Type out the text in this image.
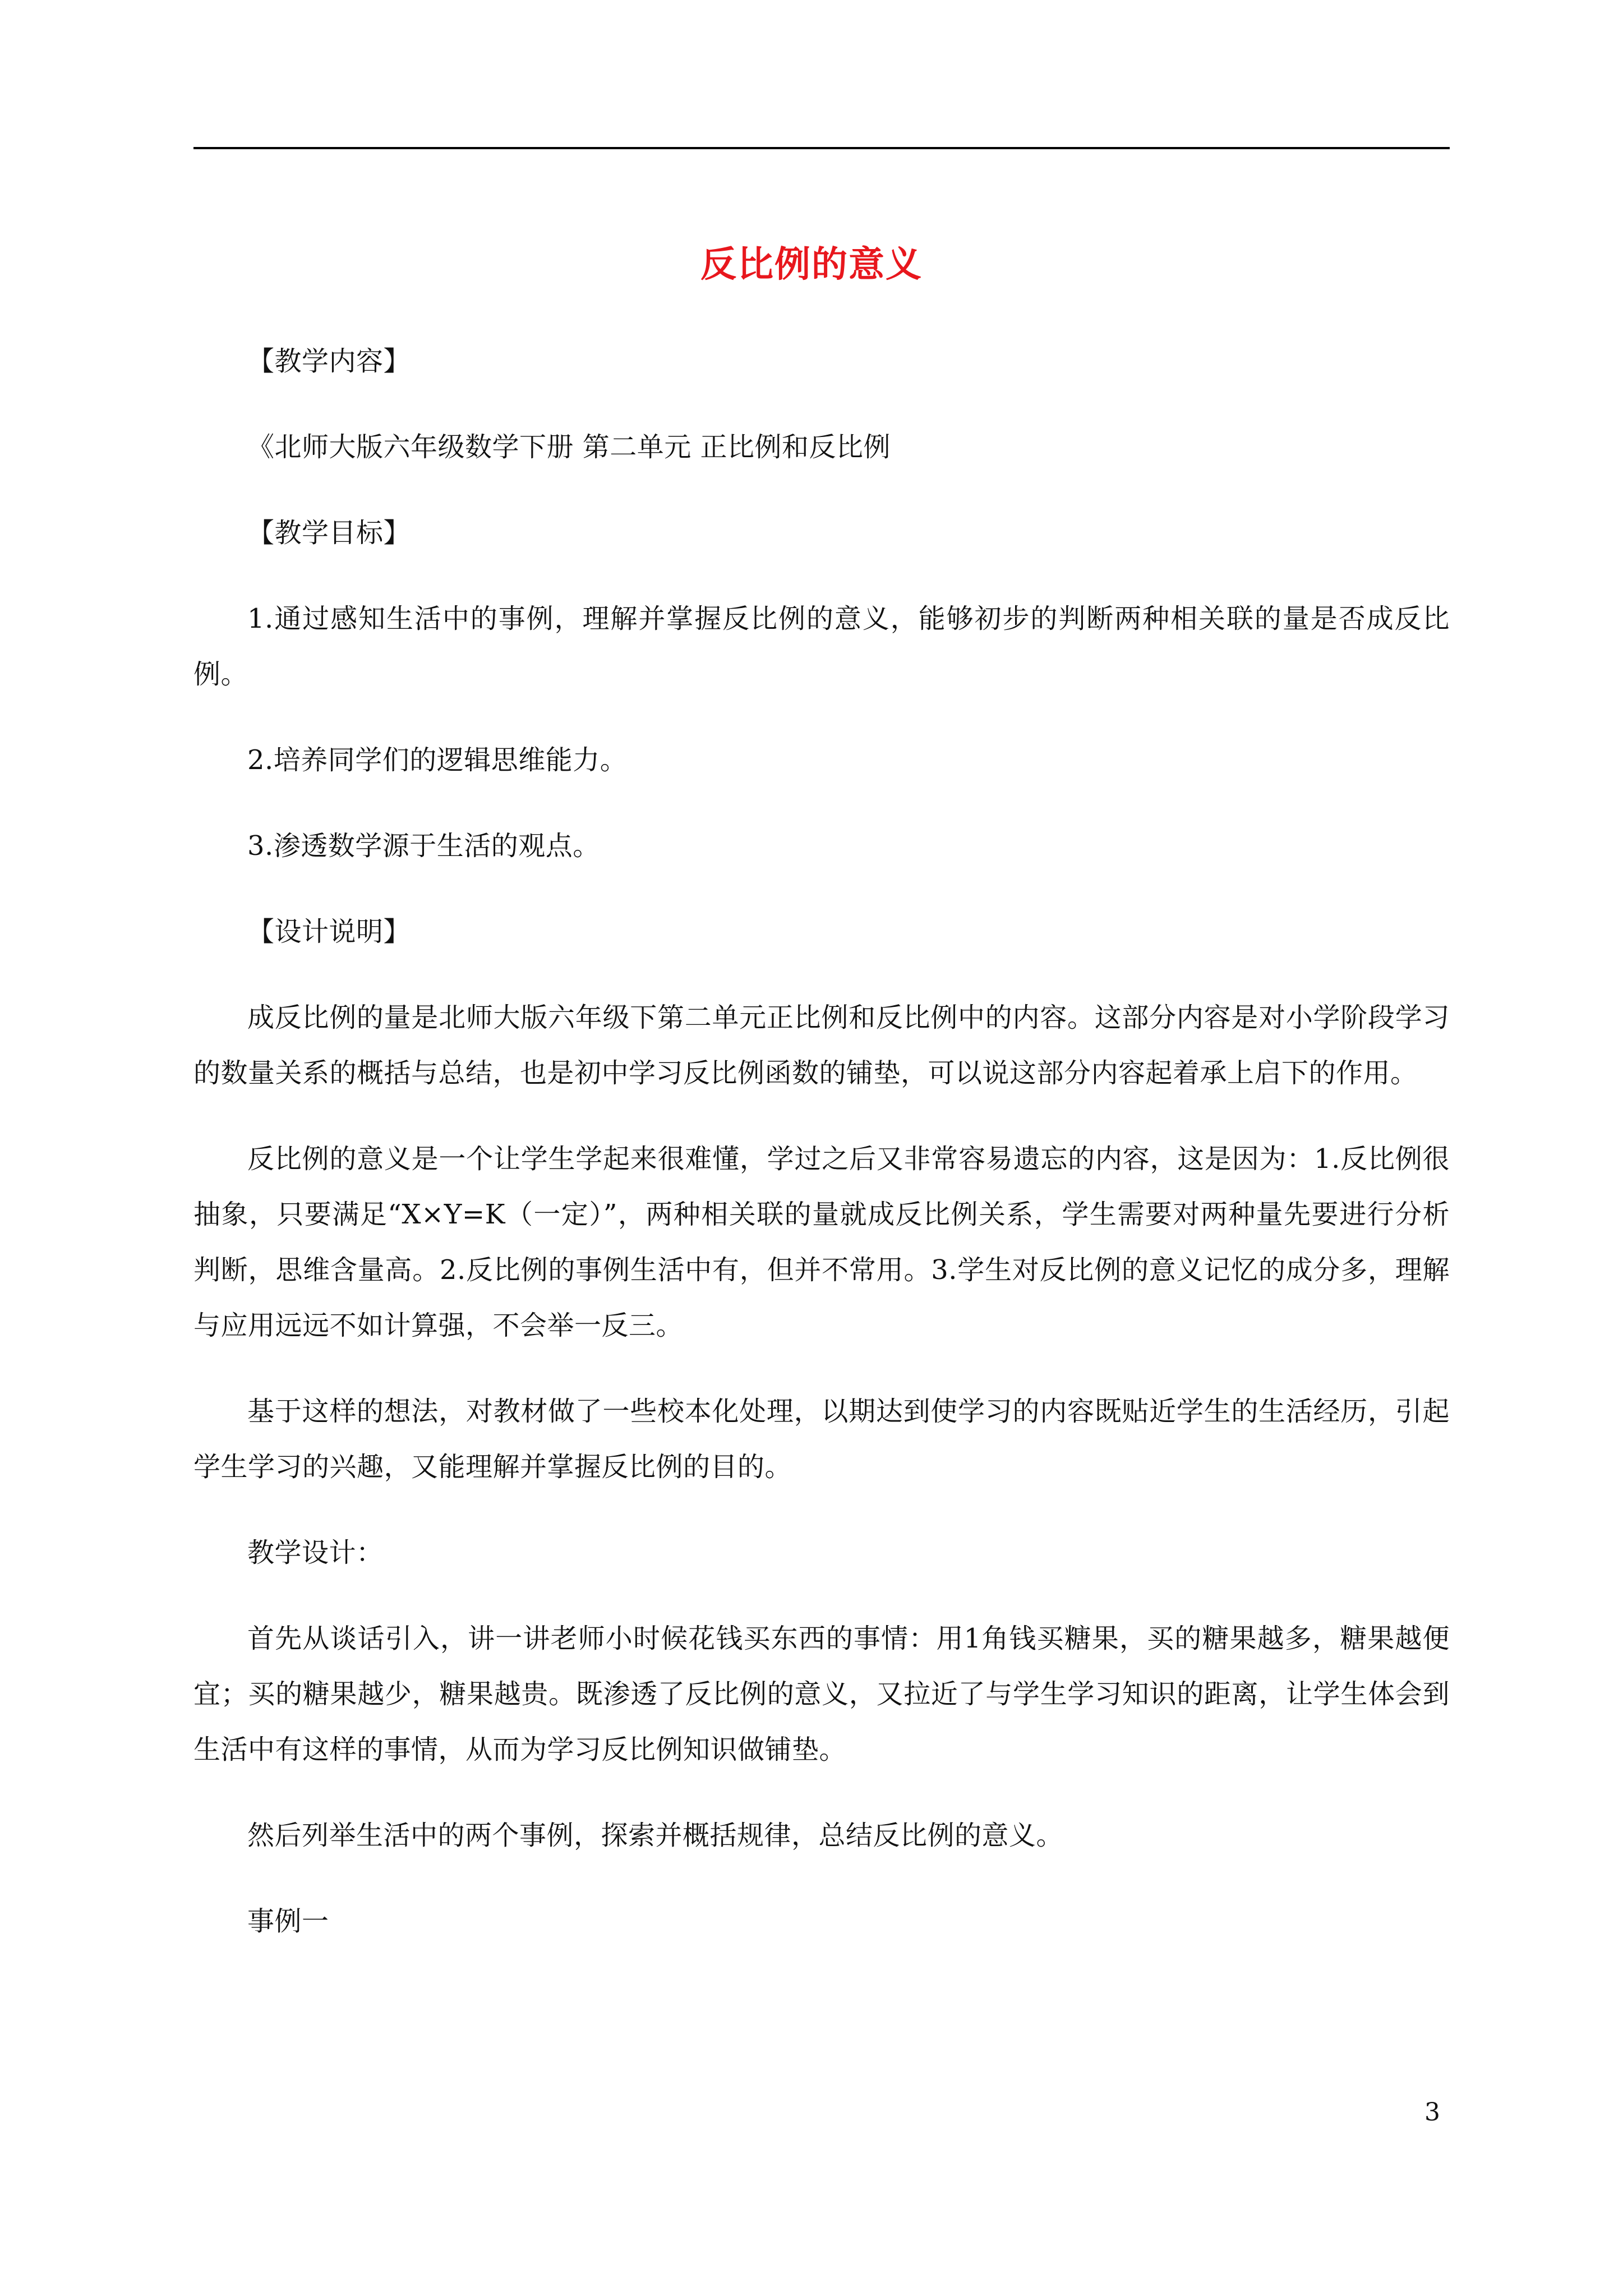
反比例的意义

【教学内容】

《北师大版六年级数学下册 第二单元 正比例和反比例

【教学目标】

1.通过感知生活中的事例，理解并掌握反比例的意义，能够初步的判断两种相关联的量是否成反比例。

2.培养同学们的逻辑思维能力。

3.渗透数学源于生活的观点。

【设计说明】

成反比例的量是北师大版六年级下第二单元正比例和反比例中的内容。这部分内容是对小学阶段学习的数量关系的概括与总结，也是初中学习反比例函数的铺垫，可以说这部分内容起着承上启下的作用。

反比例的意义是一个让学生学起来很难懂，学过之后又非常容易遗忘的内容，这是因为：1.反比例很抽象，只要满足“X×Y=K（一定）”，两种相关联的量就成反比例关系，学生需要对两种量先要进行分析判断，思维含量高。2.反比例的事例生活中有，但并不常用。3.学生对反比例的意义记忆的成分多，理解与应用远远不如计算强，不会举一反三。

基于这样的想法，对教材做了一些校本化处理，以期达到使学习的内容既贴近学生的生活经历，引起学生学习的兴趣，又能理解并掌握反比例的目的。

教学设计：

首先从谈话引入，讲一讲老师小时候花钱买东西的事情：用1角钱买糖果，买的糖果越多，糖果越便宜；买的糖果越少，糖果越贵。既渗透了反比例的意义，又拉近了与学生学习知识的距离，让学生体会到生活中有这样的事情，从而为学习反比例知识做铺垫。

然后列举生活中的两个事例，探索并概括规律，总结反比例的意义。

事例一

3
